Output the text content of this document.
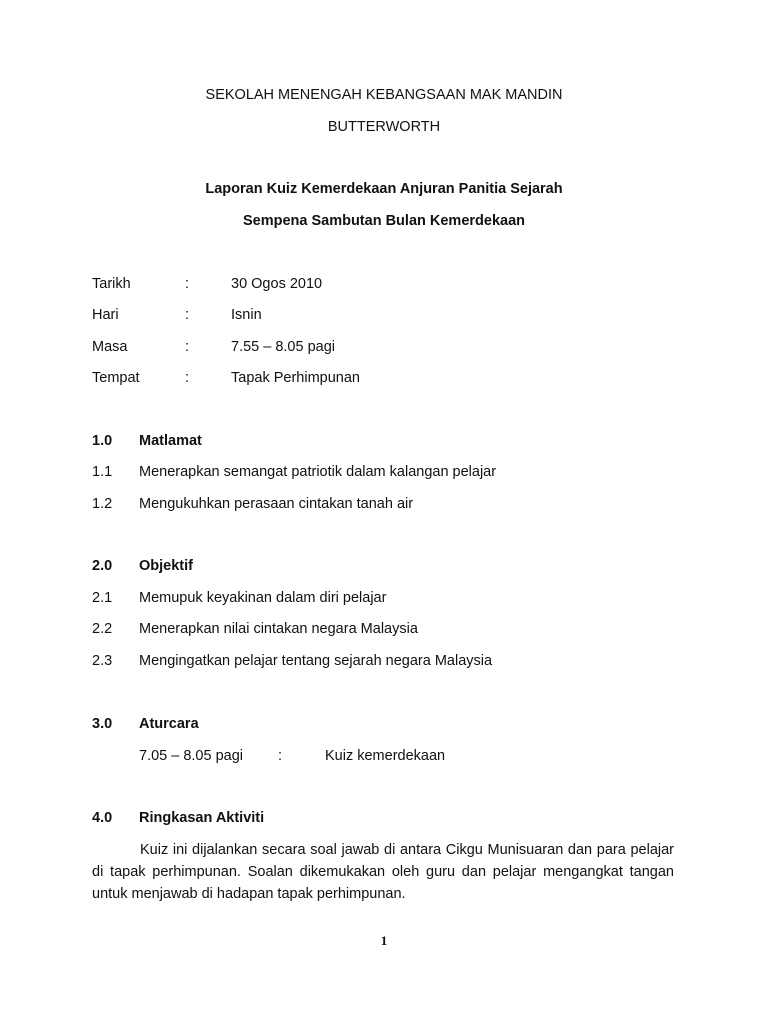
SEKOLAH MENENGAH KEBANGSAAN MAK MANDIN
BUTTERWORTH
Laporan Kuiz Kemerdekaan Anjuran Panitia Sejarah
Sempena Sambutan Bulan Kemerdekaan
Tarikh	:	30 Ogos 2010
Hari	:	Isnin
Masa	:	7.55 – 8.05 pagi
Tempat	:	Tapak Perhimpunan
1.0 Matlamat
1.1 Menerapkan semangat patriotik dalam kalangan pelajar
1.2 Mengukuhkan perasaan cintakan tanah air
2.0 Objektif
2.1 Memupuk keyakinan dalam diri pelajar
2.2 Menerapkan nilai cintakan negara Malaysia
2.3 Mengingatkan pelajar tentang sejarah negara Malaysia
3.0 Aturcara
7.05 – 8.05 pagi :	Kuiz kemerdekaan
4.0 Ringkasan Aktiviti

Kuiz ini dijalankan secara soal jawab di antara Cikgu Munisuaran dan para pelajar di tapak perhimpunan. Soalan dikemukakan oleh guru dan pelajar mengangkat tangan untuk menjawab di hadapan tapak perhimpunan.

1
